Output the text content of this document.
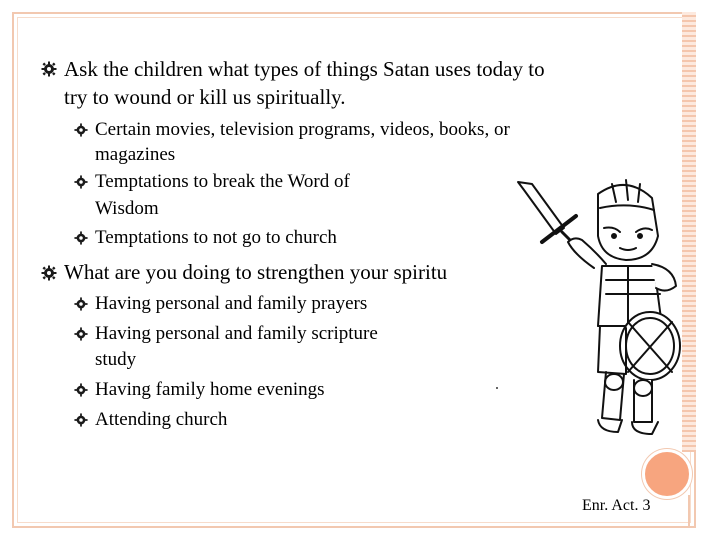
Ask the children what types of things Satan uses today to
try to wound or kill us spiritually.
Certain movies, television programs, videos, books, or
magazines
Temptations to break the Word of
Wisdom
Temptations to not go to church
What are you doing to strengthen your spiritu
Having personal and family prayers
Having personal and family scripture
study
Having family home evenings
Attending church
Enr. Act. 3
